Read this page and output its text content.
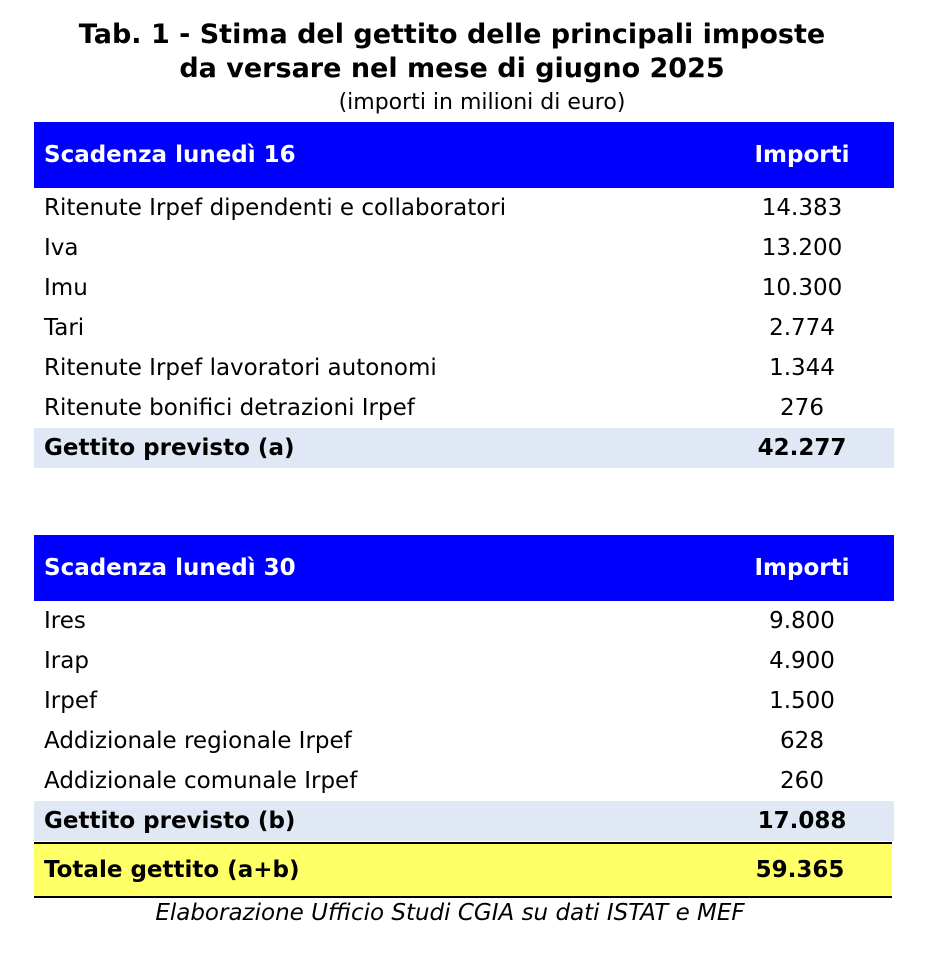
Tab. 1 - Stima del gettito delle principali imposte
da versare nel mese di giugno 2025
(importi in milioni di euro)
Scadenza lunedì 16	Importi
Ritenute Irpef dipendenti e collaboratori	14.383
Iva	13.200
Imu	10.300
Tari	2.774
Ritenute Irpef lavoratori autonomi	1.344
Ritenute bonifici detrazioni Irpef	276
Gettito previsto (a)	42.277
Scadenza lunedì 30	Importi
Ires	9.800
Irap	4.900
Irpef	1.500
Addizionale regionale Irpef	628
Addizionale comunale Irpef	260
Gettito previsto (b)	17.088
Totale gettito (a+b)	59.365
Elaborazione Ufficio Studi CGIA su dati ISTAT e MEF
